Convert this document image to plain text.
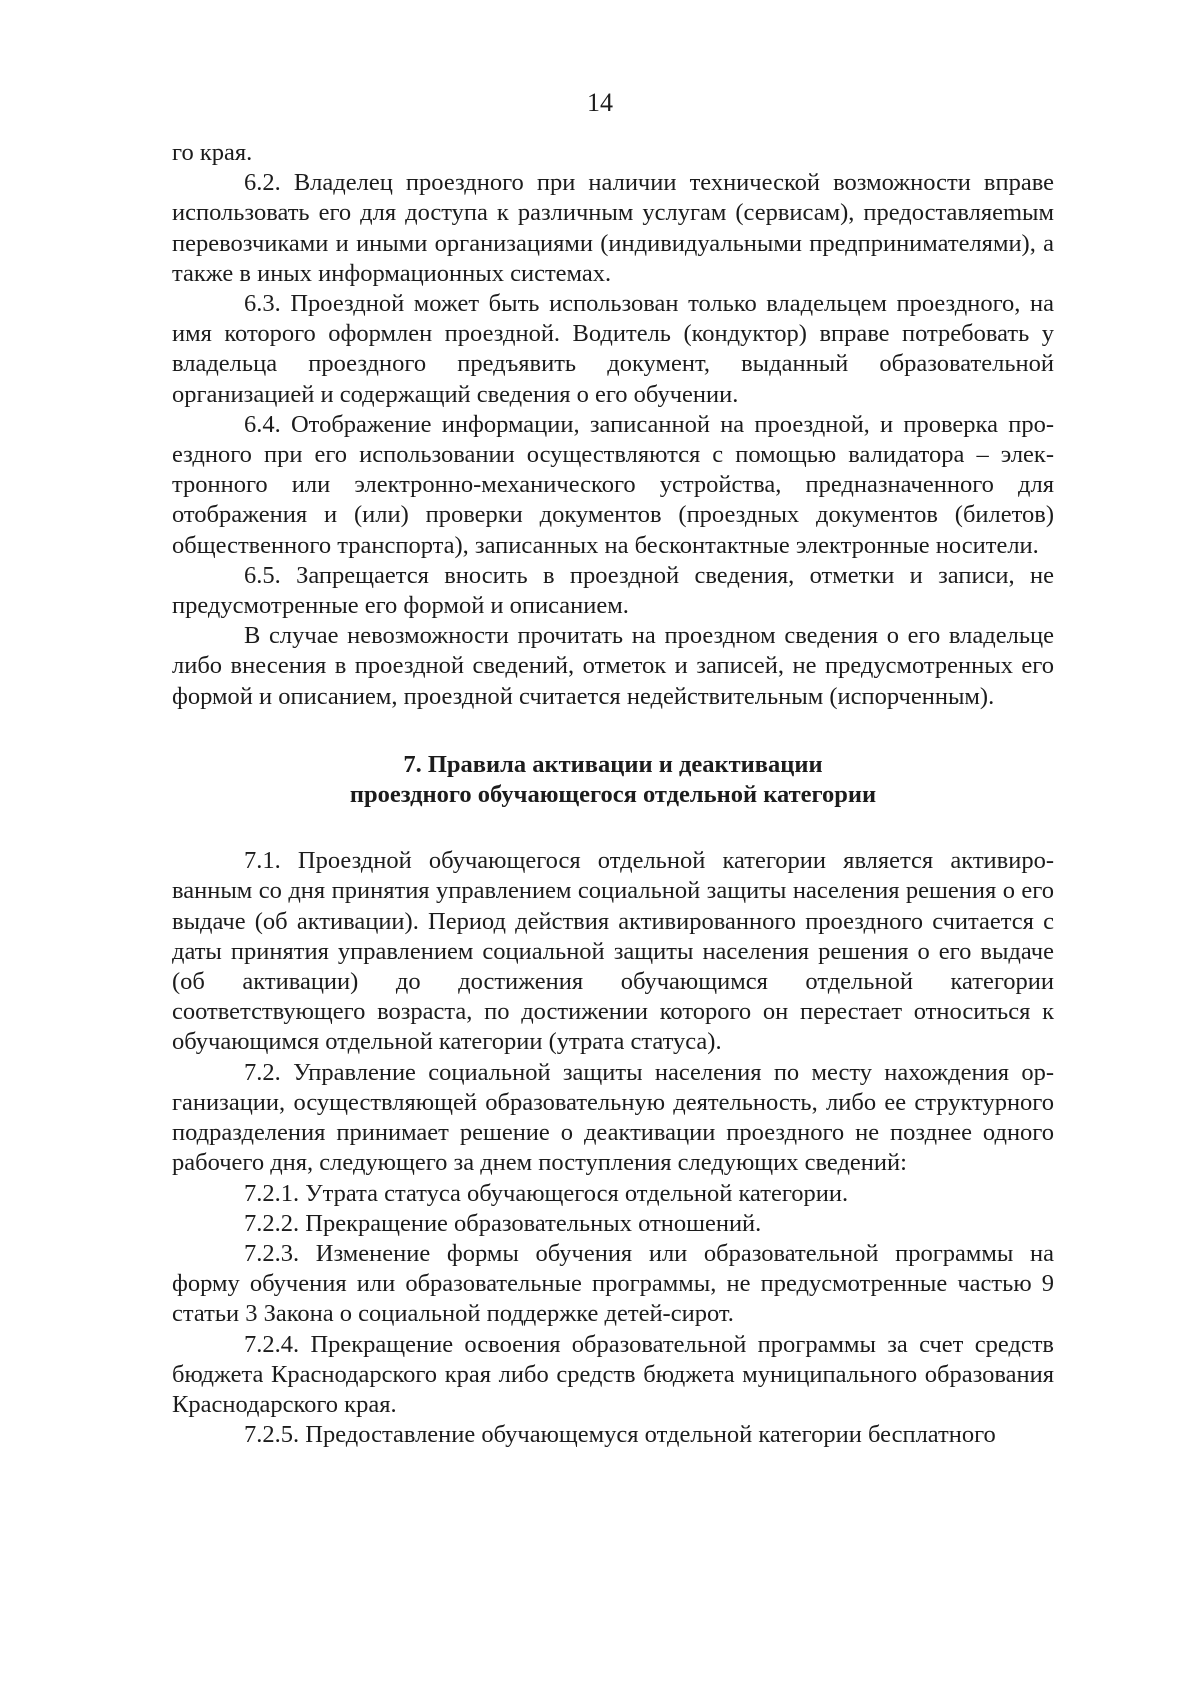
14

го края.

6.2. Владелец проездного при наличии технической возможности вправе использовать его для доступа к различным услугам (сервисам), предоставляеmым перевозчиками и иными организациями (индивидуальными предпринимателями), а также в иных информационных системах.

6.3. Проездной может быть использован только владельцем проездного, на имя которого оформлен проездной. Водитель (кондуктор) вправе потребовать у владельца проездного предъявить документ, выданный образовательной организацией и содержащий сведения о его обучении.

6.4. Отображение информации, записанной на проездной, и проверка проездного при его использовании осуществляются с помощью валидатора – электронного или электронно-механического устройства, предназначенного для отображения и (или) проверки документов (проездных документов (билетов) общественного транспорта), записанных на бесконтактные электронные носители.

6.5. Запрещается вносить в проездной сведения, отметки и записи, не предусмотренные его формой и описанием.

В случае невозможности прочитать на проездном сведения о его владельце либо внесения в проездной сведений, отметок и записей, не предусмотренных его формой и описанием, проездной считается недействительным (испорченным).

7. Правила активации и деактивации
проездного обучающегося отдельной категории

7.1. Проездной обучающегося отдельной категории является активированным со дня принятия управлением социальной защиты населения решения о его выдаче (об активации). Период действия активированного проездного считается с даты принятия управлением социальной защиты населения решения о его выдаче (об активации) до достижения обучающимся отдельной категории соответствующего возраста, по достижении которого он перестает относиться к обучающимся отдельной категории (утрата статуса).

7.2. Управление социальной защиты населения по месту нахождения организации, осуществляющей образовательную деятельность, либо ее структурного подразделения принимает решение о деактивации проездного не позднее одного рабочего дня, следующего за днем поступления следующих сведений:

7.2.1. Утрата статуса обучающегося отдельной категории.

7.2.2. Прекращение образовательных отношений.

7.2.3. Изменение формы обучения или образовательной программы на форму обучения или образовательные программы, не предусмотренные частью 9 статьи 3 Закона о социальной поддержке детей-сирот.

7.2.4. Прекращение освоения образовательной программы за счет средств бюджета Краснодарского края либо средств бюджета муниципального образования Краснодарского края.

7.2.5. Предоставление обучающемуся отдельной категории бесплатного
